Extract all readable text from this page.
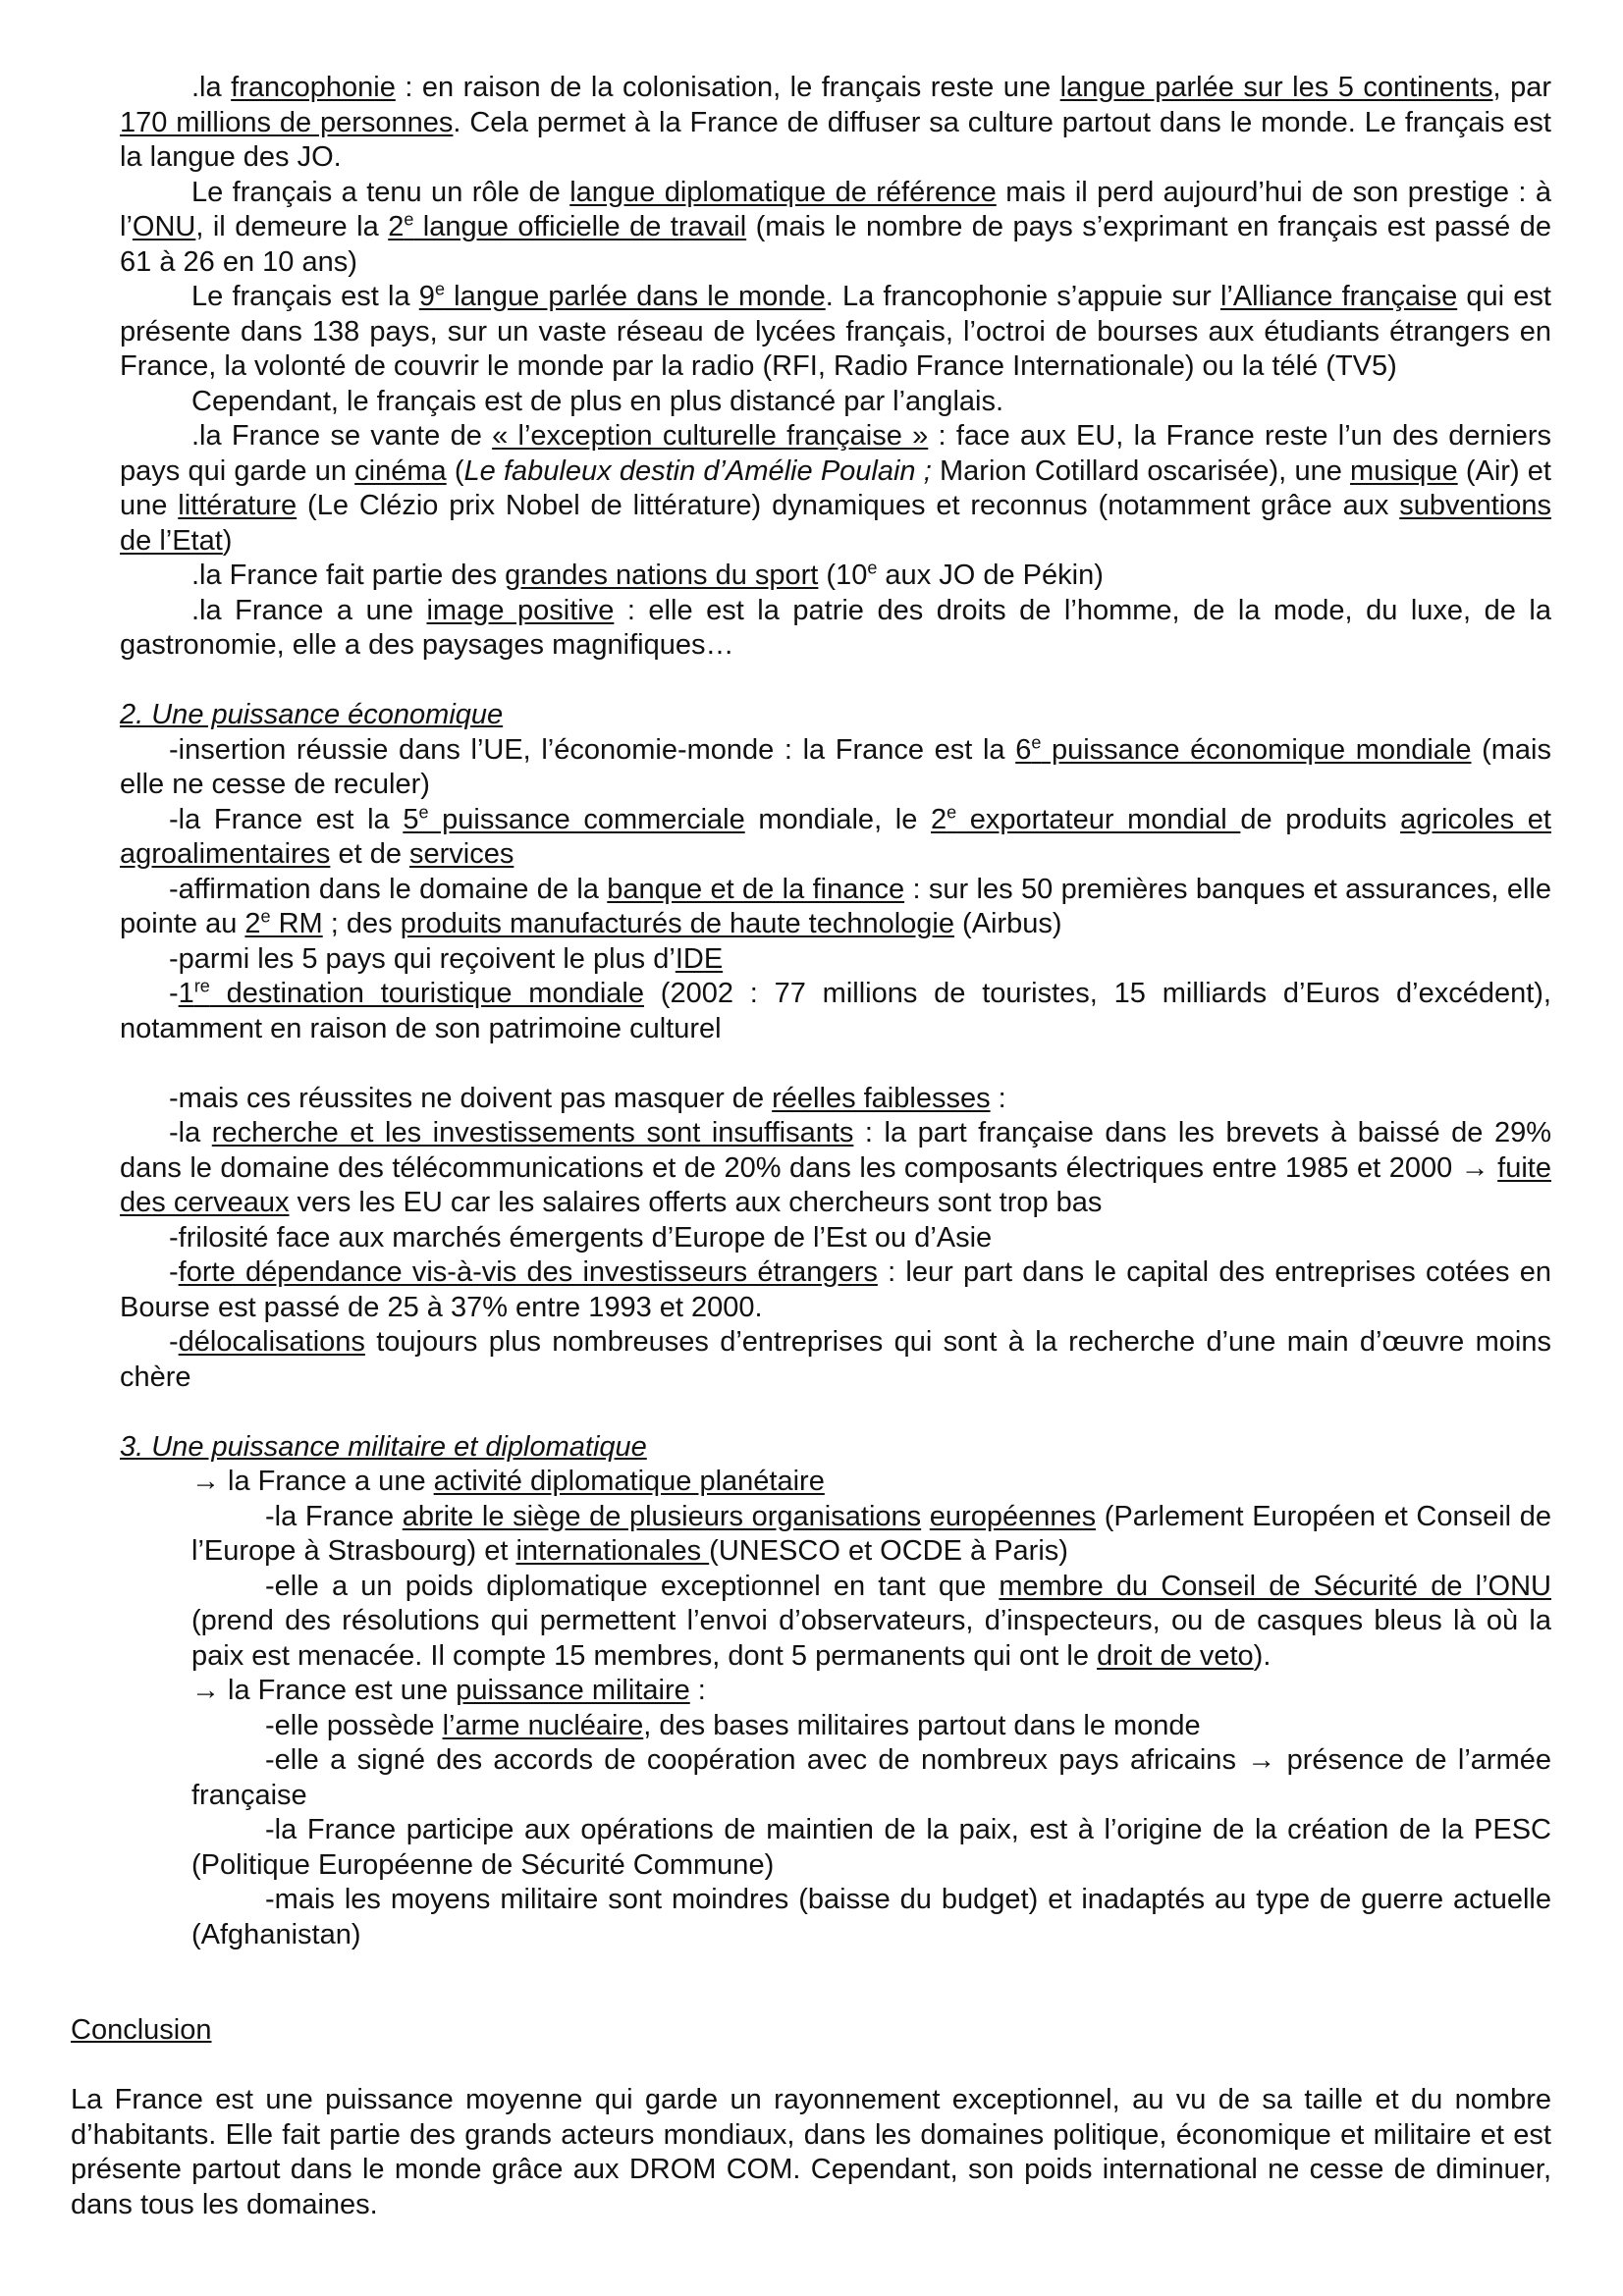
.la francophonie : en raison de la colonisation, le français reste une langue parlée sur les 5 continents, par 170 millions de personnes. Cela permet à la France de diffuser sa culture partout dans le monde. Le français est la langue des JO.

Le français a tenu un rôle de langue diplomatique de référence mais il perd aujourd’hui de son prestige : à l’ONU, il demeure la 2e langue officielle de travail (mais le nombre de pays s’exprimant en français est passé de 61 à 26 en 10 ans)

Le français est la 9e langue parlée dans le monde. La francophonie s’appuie sur l’Alliance française qui est présente dans 138 pays, sur un vaste réseau de lycées français, l’octroi de bourses aux étudiants étrangers en France, la volonté de couvrir le monde par la radio (RFI, Radio France Internationale) ou la télé (TV5)

Cependant, le français est de plus en plus distancé par l’anglais.

.la France se vante de « l’exception culturelle française » : face aux EU, la France reste l’un des derniers pays qui garde un cinéma (Le fabuleux destin d’Amélie Poulain ; Marion Cotillard oscarisée), une musique (Air) et une littérature (Le Clézio prix Nobel de littérature) dynamiques et reconnus (notamment grâce aux subventions de l’Etat)

.la France fait partie des grandes nations du sport (10e aux JO de Pékin)

.la France a une image positive : elle est la patrie des droits de l’homme, de la mode, du luxe, de la gastronomie, elle a des paysages magnifiques…

2. Une puissance économique

-insertion réussie dans l’UE, l’économie-monde : la France est la 6e puissance économique mondiale (mais elle ne cesse de reculer)

-la France est la 5e puissance commerciale mondiale, le 2e exportateur mondial de produits agricoles et agroalimentaires et de services

-affirmation dans le domaine de la banque et de la finance : sur les 50 premières banques et assurances, elle pointe au 2e RM ; des produits manufacturés de haute technologie (Airbus)

-parmi les 5 pays qui reçoivent le plus d’IDE

-1re destination touristique mondiale (2002 : 77 millions de touristes, 15 milliards d’Euros d’excédent), notamment en raison de son patrimoine culturel

-mais ces réussites ne doivent pas masquer de réelles faiblesses :

-la recherche et les investissements sont insuffisants : la part française dans les brevets à baissé de 29% dans le domaine des télécommunications et de 20% dans les composants électriques entre 1985 et 2000 → fuite des cerveaux vers les EU car les salaires offerts aux chercheurs sont trop bas

-frilosité face aux marchés émergents d’Europe de l’Est ou d’Asie

-forte dépendance vis-à-vis des investisseurs étrangers : leur part dans le capital des entreprises cotées en Bourse est passé de 25 à 37% entre 1993 et 2000.

-délocalisations toujours plus nombreuses d’entreprises qui sont à la recherche d’une main d’œuvre moins chère

3. Une puissance militaire et diplomatique

→ la France a une activité diplomatique planétaire

-la France abrite le siège de plusieurs organisations européennes (Parlement Européen et Conseil de l’Europe à Strasbourg) et internationales (UNESCO et OCDE à Paris)

-elle a un poids diplomatique exceptionnel en tant que membre du Conseil de Sécurité de l’ONU (prend des résolutions qui permettent l’envoi d’observateurs, d’inspecteurs, ou de casques bleus là où la paix est menacée. Il compte 15 membres, dont 5 permanents qui ont le droit de veto).

→ la France est une puissance militaire :

-elle possède l’arme nucléaire, des bases militaires partout dans le monde

-elle a signé des accords de coopération avec de nombreux pays africains → présence de l’armée française

-la France participe aux opérations de maintien de la paix, est à l’origine de la création de la PESC (Politique Européenne de Sécurité Commune)

-mais les moyens militaire sont moindres (baisse du budget) et inadaptés au type de guerre actuelle (Afghanistan)

Conclusion

La France est une puissance moyenne qui garde un rayonnement exceptionnel, au vu de sa taille et du nombre d’habitants. Elle fait partie des grands acteurs mondiaux, dans les domaines politique, économique et militaire et est présente partout dans le monde grâce aux DROM COM. Cependant, son poids international ne cesse de diminuer, dans tous les domaines.
